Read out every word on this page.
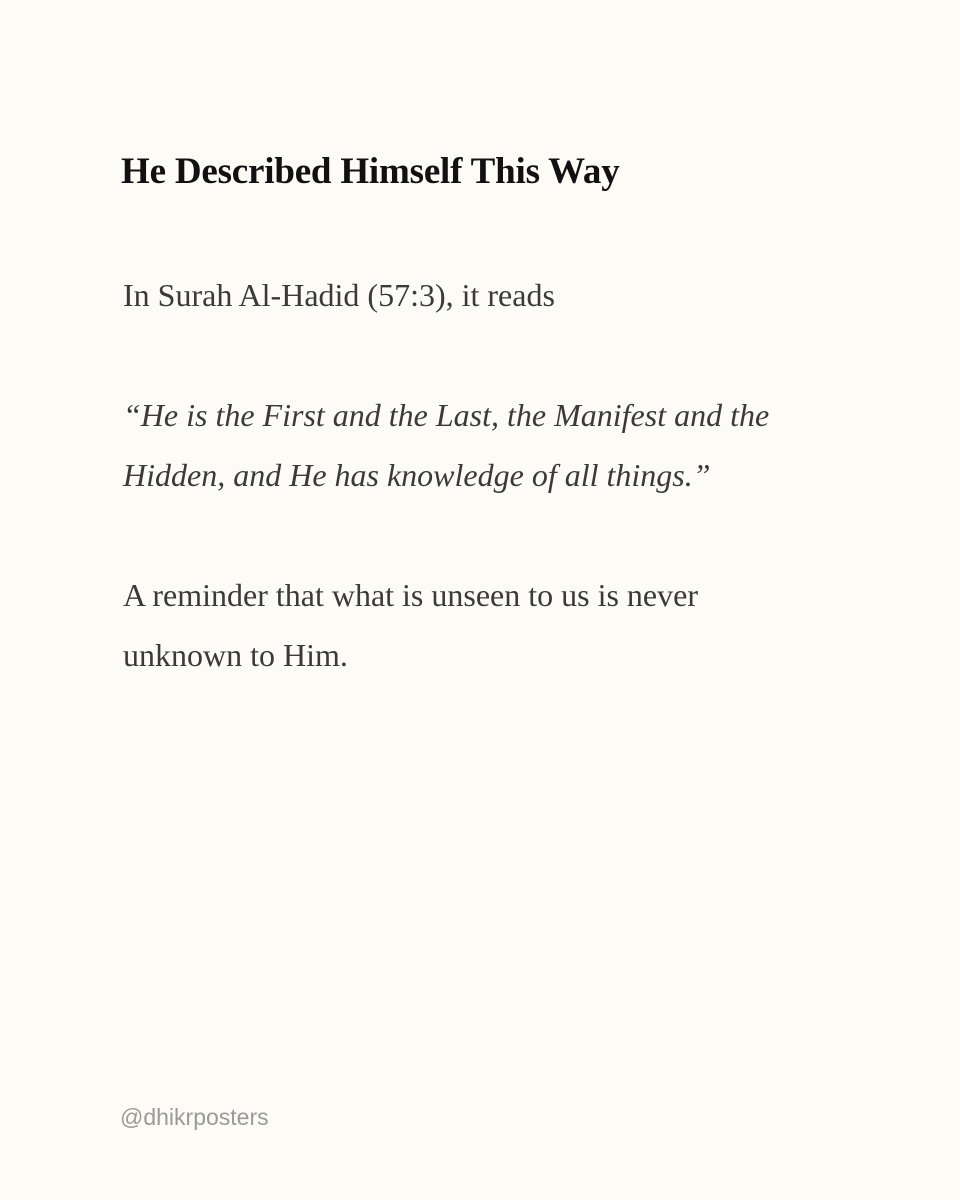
He Described Himself This Way

In Surah Al-Hadid (57:3), it reads

“He is the First and the Last, the Manifest and the Hidden, and He has knowledge of all things.”

A reminder that what is unseen to us is never unknown to Him.

@dhikrposters
